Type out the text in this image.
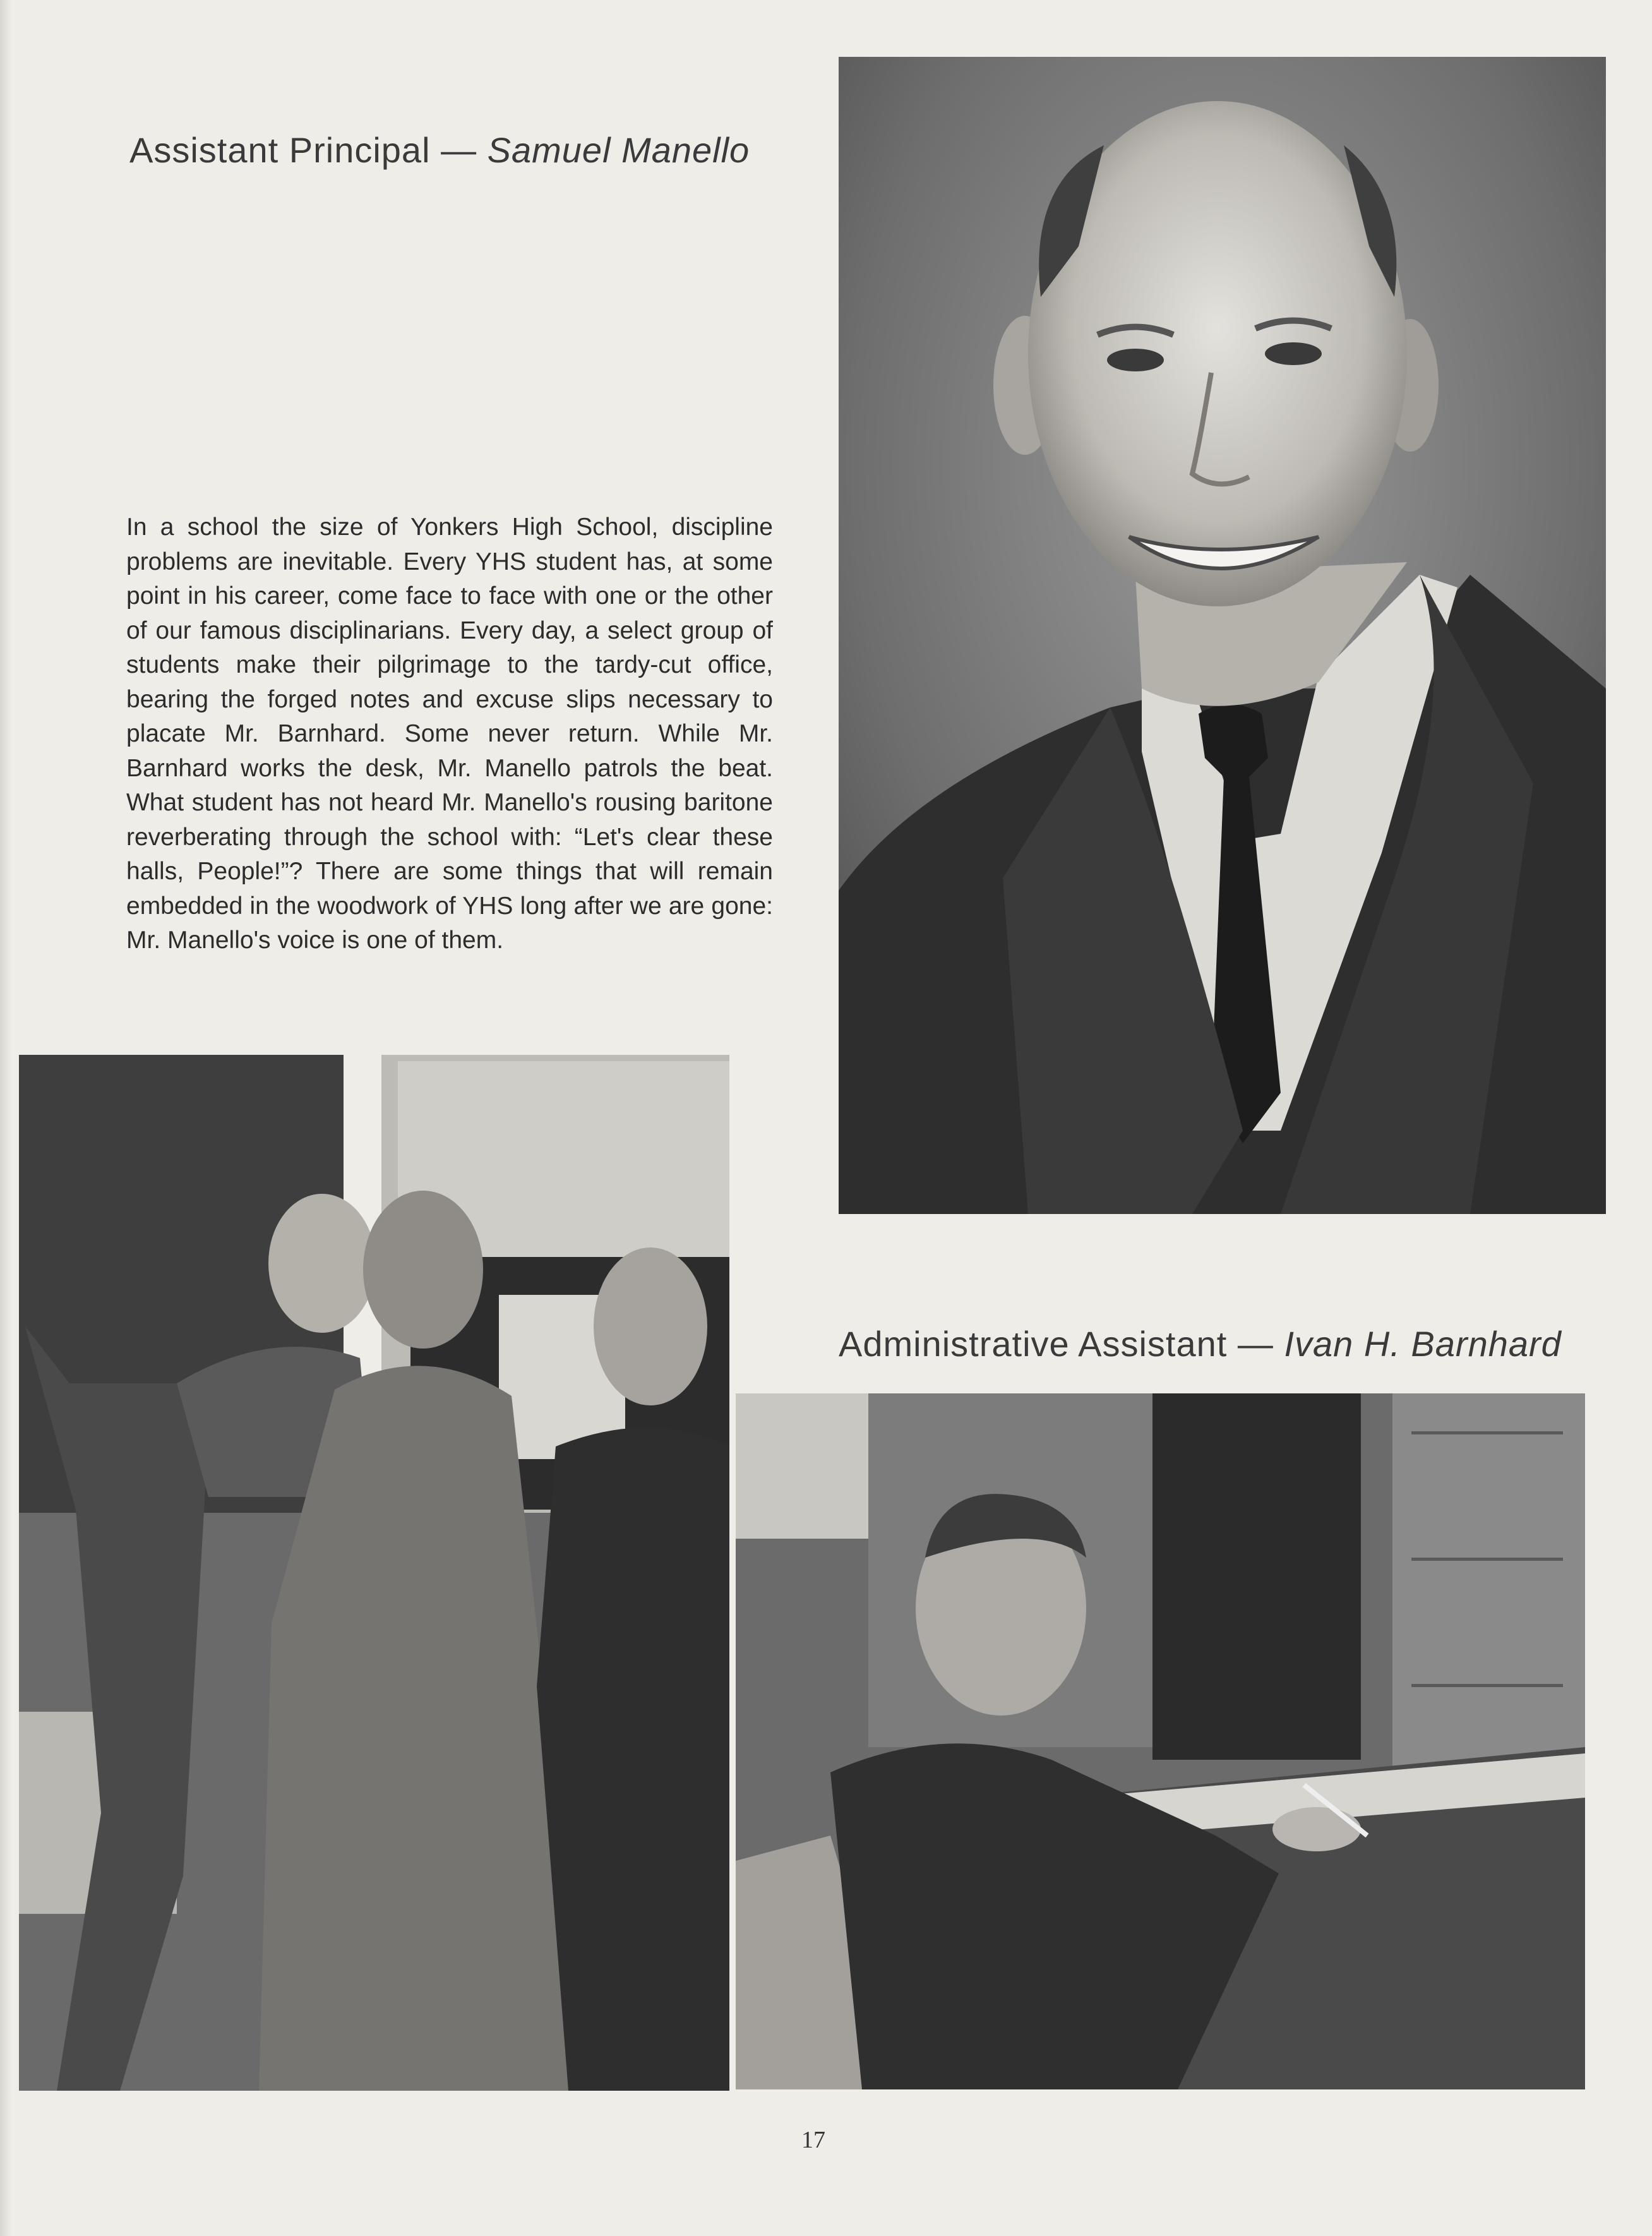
Assistant Principal — Samuel Manello

In a school the size of Yonkers High School, discipline problems are inevitable. Every YHS student has, at some point in his career, come face to face with one or the other of our famous disciplinarians. Every day, a select group of students make their pilgrimage to the tardy-cut office, bearing the forged notes and excuse slips necessary to placate Mr. Barnhard. Some never return. While Mr. Barnhard works the desk, Mr. Manello patrols the beat. What student has not heard Mr. Manello's rousing baritone reverberating through the school with: “Let's clear these halls, People!”? There are some things that will remain embedded in the woodwork of YHS long after we are gone: Mr. Manello's voice is one of them.

Administrative Assistant — Ivan H. Barnhard
17
